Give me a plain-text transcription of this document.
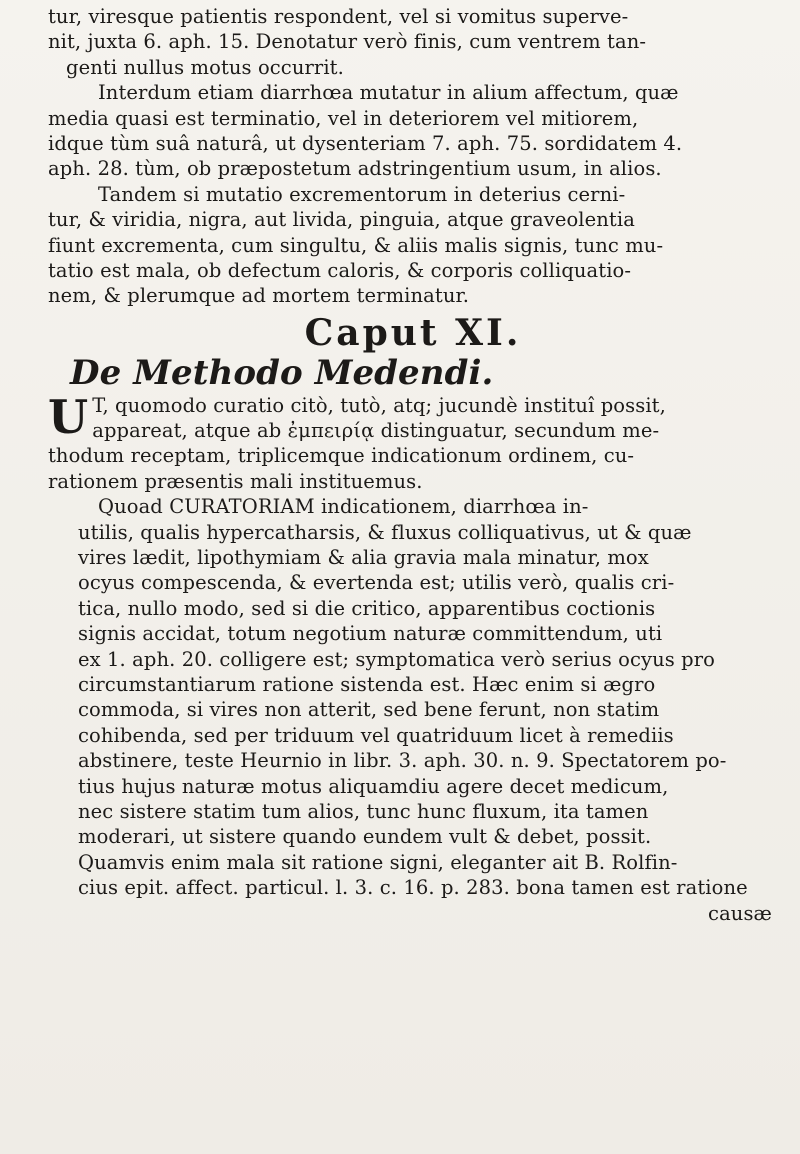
tur, viresque patientis respondent, vel si vomitus superve-
nit, juxta 6. aph. 15. Denotatur verò finis, cum ventrem tan-
genti nullus motus occurrit.
Interdum etiam diarrhœa mutatur in alium affectum, quæ
media quasi est terminatio, vel in deteriorem vel mitiorem,
idque tùm suâ naturâ, ut dysenteriam 7. aph. 75. sordidatem 4.
aph. 28. tùm, ob præpostetum adstringentium usum, in alios.
Tandem si mutatio excrementorum in deterius cerni-
tur, & viridia, nigra, aut livida, pinguia, atque graveolentia
fiunt excrementa, cum singultu, & aliis malis signis, tunc mu-
tatio est mala, ob defectum caloris, & corporis colliquatio-
nem, & plerumque ad mortem terminatur.
Caput XI.
De Methodo Medendi.
U T, quomodo curatio citò, tutò, atq; jucundè instituî possit,
appareat, atque ab ἐμπειρίᾳ distinguatur, secundum me-
thodum receptam, triplicemque indicationum ordinem, cu-
rationem præsentis mali instituemus.
Quoad CURATORIAM indicationem, diarrhœa in-
utilis, qualis hypercatharsis, & fluxus colliquativus, ut & quæ
vires lædit, lipothymiam & alia gravia mala minatur, mox
ocyus compescenda, & evertenda est; utilis verò, qualis cri-
tica, nullo modo, sed si die critico, apparentibus coctionis
signis accidat, totum negotium naturæ committendum, uti
ex 1. aph. 20. colligere est; symptomatica verò serius ocyus pro
circumstantiarum ratione sistenda est. Hæc enim si ægro
commoda, si vires non atterit, sed bene ferunt, non statim
cohibenda, sed per triduum vel quatriduum licet à remediis
abstinere, teste Heurnio in libr. 3. aph. 30. n. 9. Spectatorem po-
tius hujus naturæ motus aliquamdiu agere decet medicum,
nec sistere statim tum alios, tunc hunc fluxum, ita tamen
moderari, ut sistere quando eundem vult & debet, possit.
Quamvis enim mala sit ratione signi, eleganter ait B. Rolfin-
cius epit. affect. particul. l. 3. c. 16. p. 283. bona tamen est ratione
causæ
